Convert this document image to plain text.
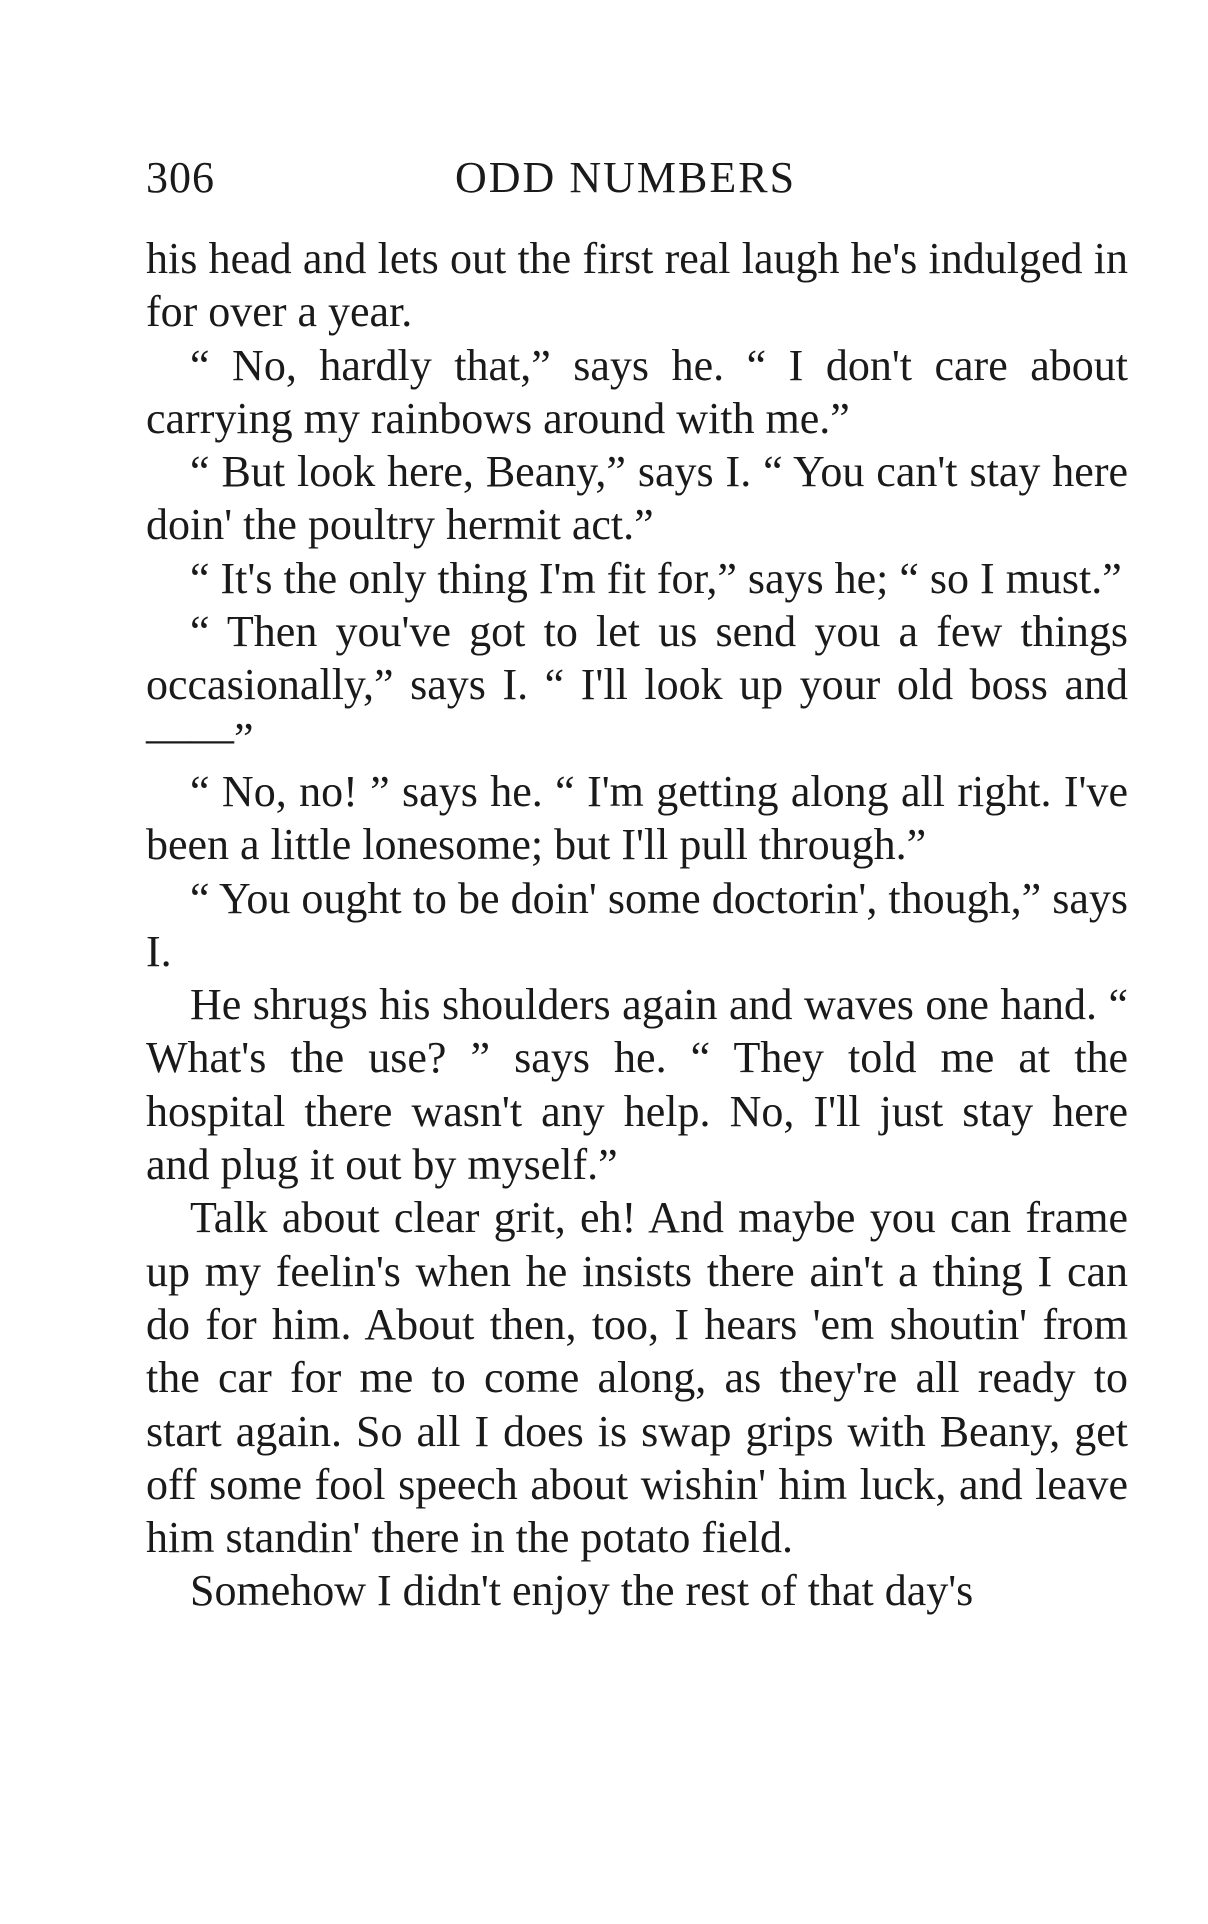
306	ODD NUMBERS

his head and lets out the first real laugh he's indulged in for over a year.

“ No, hardly that,” says he. “ I don't care about carrying my rainbows around with me.”

“ But look here, Beany,” says I. “ You can't stay here doin' the poultry hermit act.”

“ It's the only thing I'm fit for,” says he; “ so I must.”

“ Then you've got to let us send you a few things occasionally,” says I. “ I'll look up your old boss and——”

“ No, no! ” says he. “ I'm getting along all right. I've been a little lonesome; but I'll pull through.”

“ You ought to be doin' some doctorin', though,” says I.

He shrugs his shoulders again and waves one hand. “ What's the use? ” says he. “ They told me at the hospital there wasn't any help. No, I'll just stay here and plug it out by myself.”

Talk about clear grit, eh! And maybe you can frame up my feelin's when he insists there ain't a thing I can do for him. About then, too, I hears 'em shoutin' from the car for me to come along, as they're all ready to start again. So all I does is swap grips with Beany, get off some fool speech about wishin' him luck, and leave him standin' there in the potato field.

Somehow I didn't enjoy the rest of that day's
